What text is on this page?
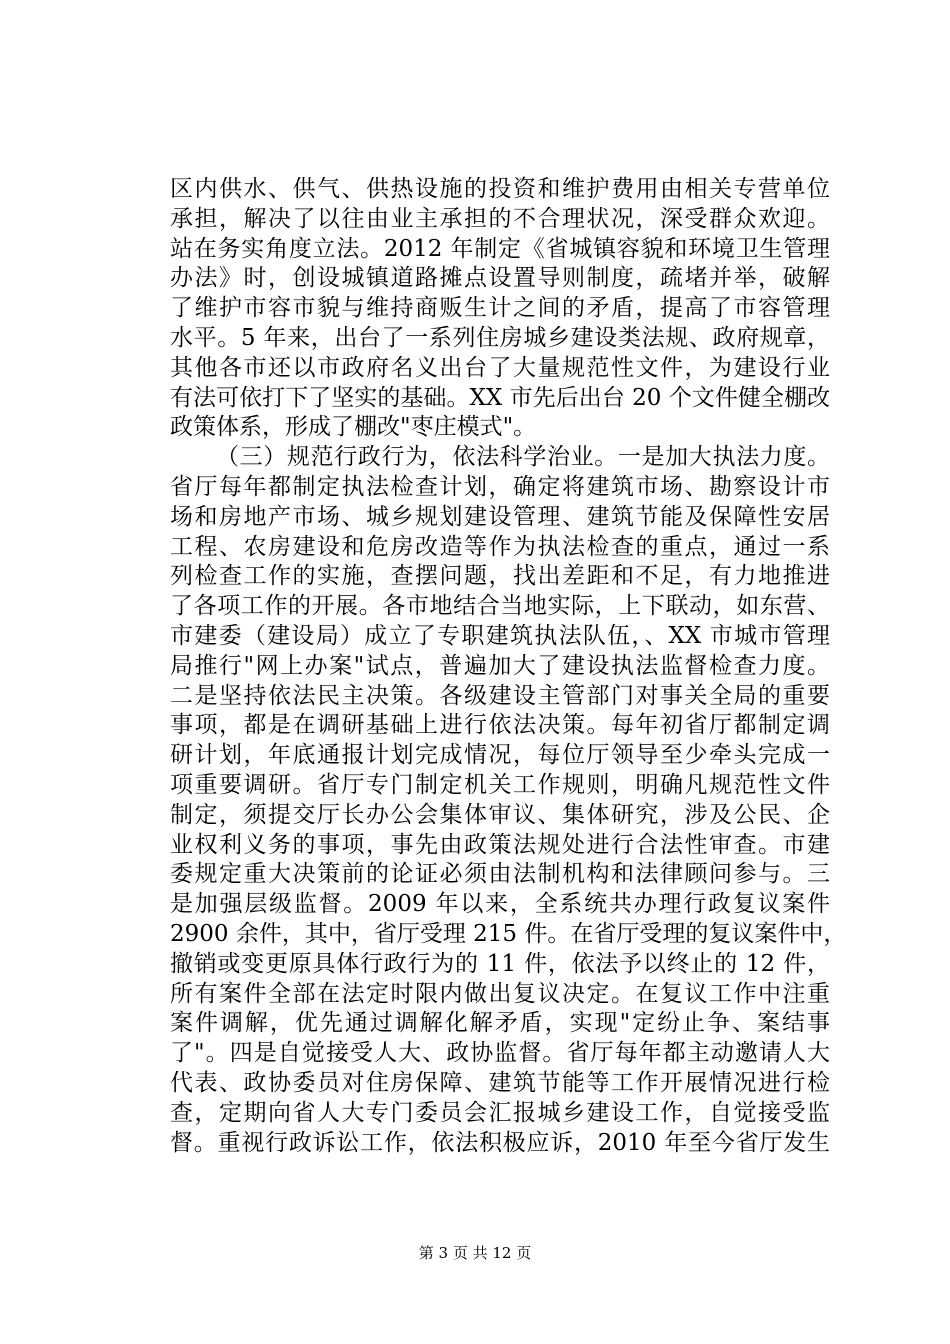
区内供水、供气、供热设施的投资和维护费用由相关专营单位
承担，解决了以往由业主承担的不合理状况，深受群众欢迎。
站在务实角度立法。2012 年制定《省城镇容貌和环境卫生管理
办法》时，创设城镇道路摊点设置导则制度，疏堵并举，破解
了维护市容市貌与维持商贩生计之间的矛盾，提高了市容管理
水平。5 年来，出台了一系列住房城乡建设类法规、政府规章，
其他各市还以市政府名义出台了大量规范性文件，为建设行业
有法可依打下了坚实的基础。XX 市先后出台 20 个文件健全棚改
政策体系，形成了棚改"枣庄模式"。
（三）规范行政行为，依法科学治业。一是加大执法力度。
省厅每年都制定执法检查计划，确定将建筑市场、勘察设计市
场和房地产市场、城乡规划建设管理、建筑节能及保障性安居
工程、农房建设和危房改造等作为执法检查的重点，通过一系
列检查工作的实施，查摆问题，找出差距和不足，有力地推进
了各项工作的开展。各市地结合当地实际，上下联动，如东营、
市建委（建设局）成立了专职建筑执法队伍，、XX 市城市管理
局推行"网上办案"试点，普遍加大了建设执法监督检查力度。
二是坚持依法民主决策。各级建设主管部门对事关全局的重要
事项，都是在调研基础上进行依法决策。每年初省厅都制定调
研计划，年底通报计划完成情况，每位厅领导至少牵头完成一
项重要调研。省厅专门制定机关工作规则，明确凡规范性文件
制定，须提交厅长办公会集体审议、集体研究，涉及公民、企
业权利义务的事项，事先由政策法规处进行合法性审查。市建
委规定重大决策前的论证必须由法制机构和法律顾问参与。三
是加强层级监督。2009 年以来，全系统共办理行政复议案件
2900 余件，其中，省厅受理 215 件。在省厅受理的复议案件中，
撤销或变更原具体行政行为的 11 件，依法予以终止的 12 件，
所有案件全部在法定时限内做出复议决定。在复议工作中注重
案件调解，优先通过调解化解矛盾，实现"定纷止争、案结事
了"。四是自觉接受人大、政协监督。省厅每年都主动邀请人大
代表、政协委员对住房保障、建筑节能等工作开展情况进行检
查，定期向省人大专门委员会汇报城乡建设工作，自觉接受监
督。重视行政诉讼工作，依法积极应诉，2010 年至今省厅发生
第 3 页 共 12 页
